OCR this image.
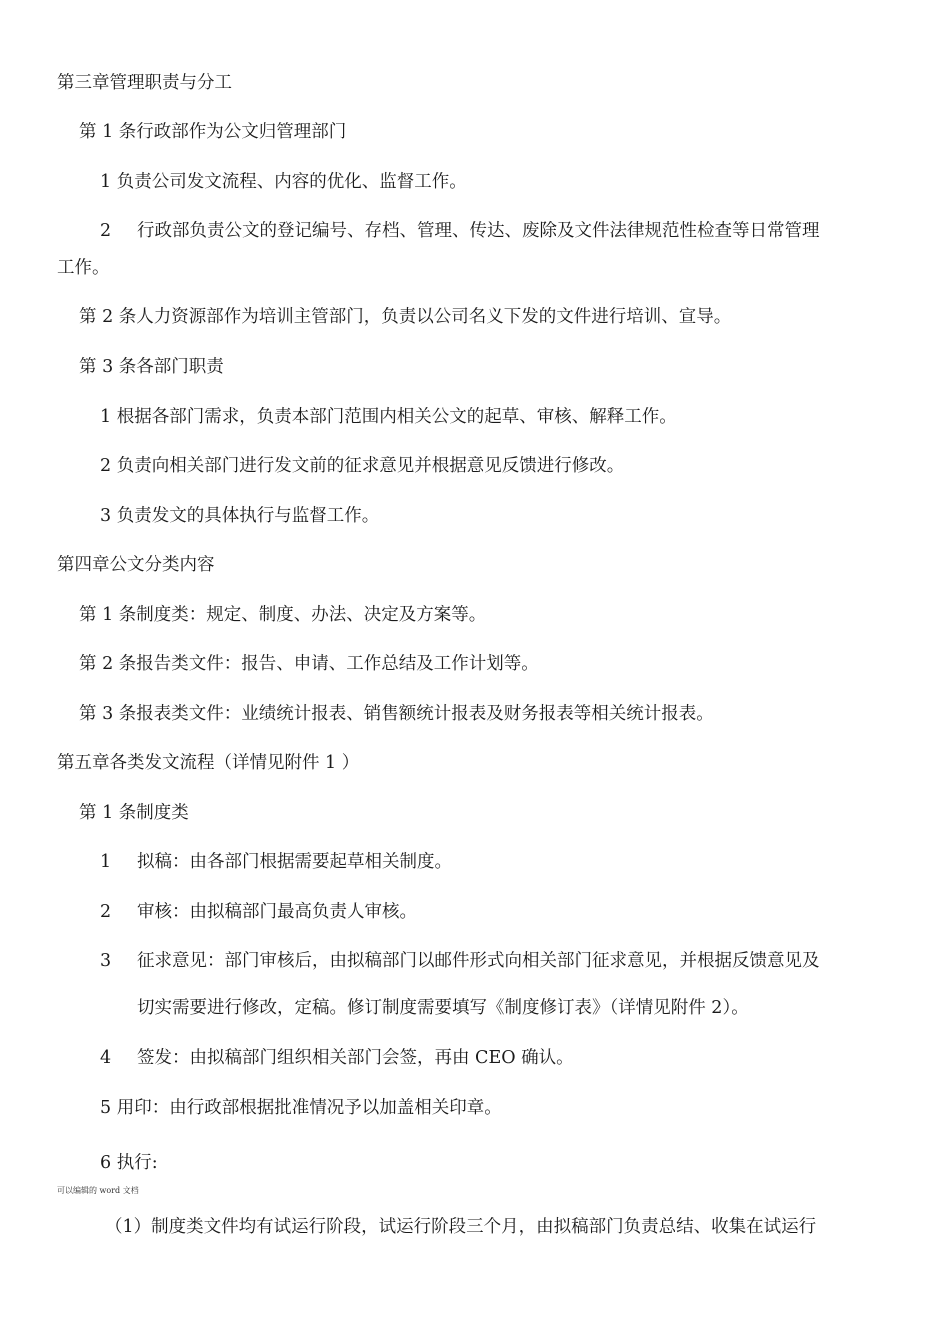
第三章管理职责与分工
第 1 条行政部作为公文归管理部门
1 负责公司发文流程、内容的优化、监督工作。
2 行政部负责公文的登记编号、存档、管理、传达、废除及文件法律规范性检查等日常管理
工作。
第 2 条人力资源部作为培训主管部门，负责以公司名义下发的文件进行培训、宣导。
第 3 条各部门职责
1 根据各部门需求，负责本部门范围内相关公文的起草、审核、解释工作。
2 负责向相关部门进行发文前的征求意见并根据意见反馈进行修改。
3 负责发文的具体执行与监督工作。
第四章公文分类内容
第 1 条制度类：规定、制度、办法、决定及方案等。
第 2 条报告类文件：报告、申请、工作总结及工作计划等。
第 3 条报表类文件：业绩统计报表、销售额统计报表及财务报表等相关统计报表。
第五章各类发文流程（详情见附件 1 ）
第 1 条制度类
1 拟稿：由各部门根据需要起草相关制度。
2 审核：由拟稿部门最高负责人审核。
3 征求意见：部门审核后，由拟稿部门以邮件形式向相关部门征求意见，并根据反馈意见及
切实需要进行修改，定稿。修订制度需要填写《制度修订表》（详情见附件 2）。
4 签发：由拟稿部门组织相关部门会签，再由 CEO 确认。
5 用印：由行政部根据批准情况予以加盖相关印章。
6 执行:
可以编辑的 word 文档
（1）制度类文件均有试运行阶段，试运行阶段三个月，由拟稿部门负责总结、收集在试运行
